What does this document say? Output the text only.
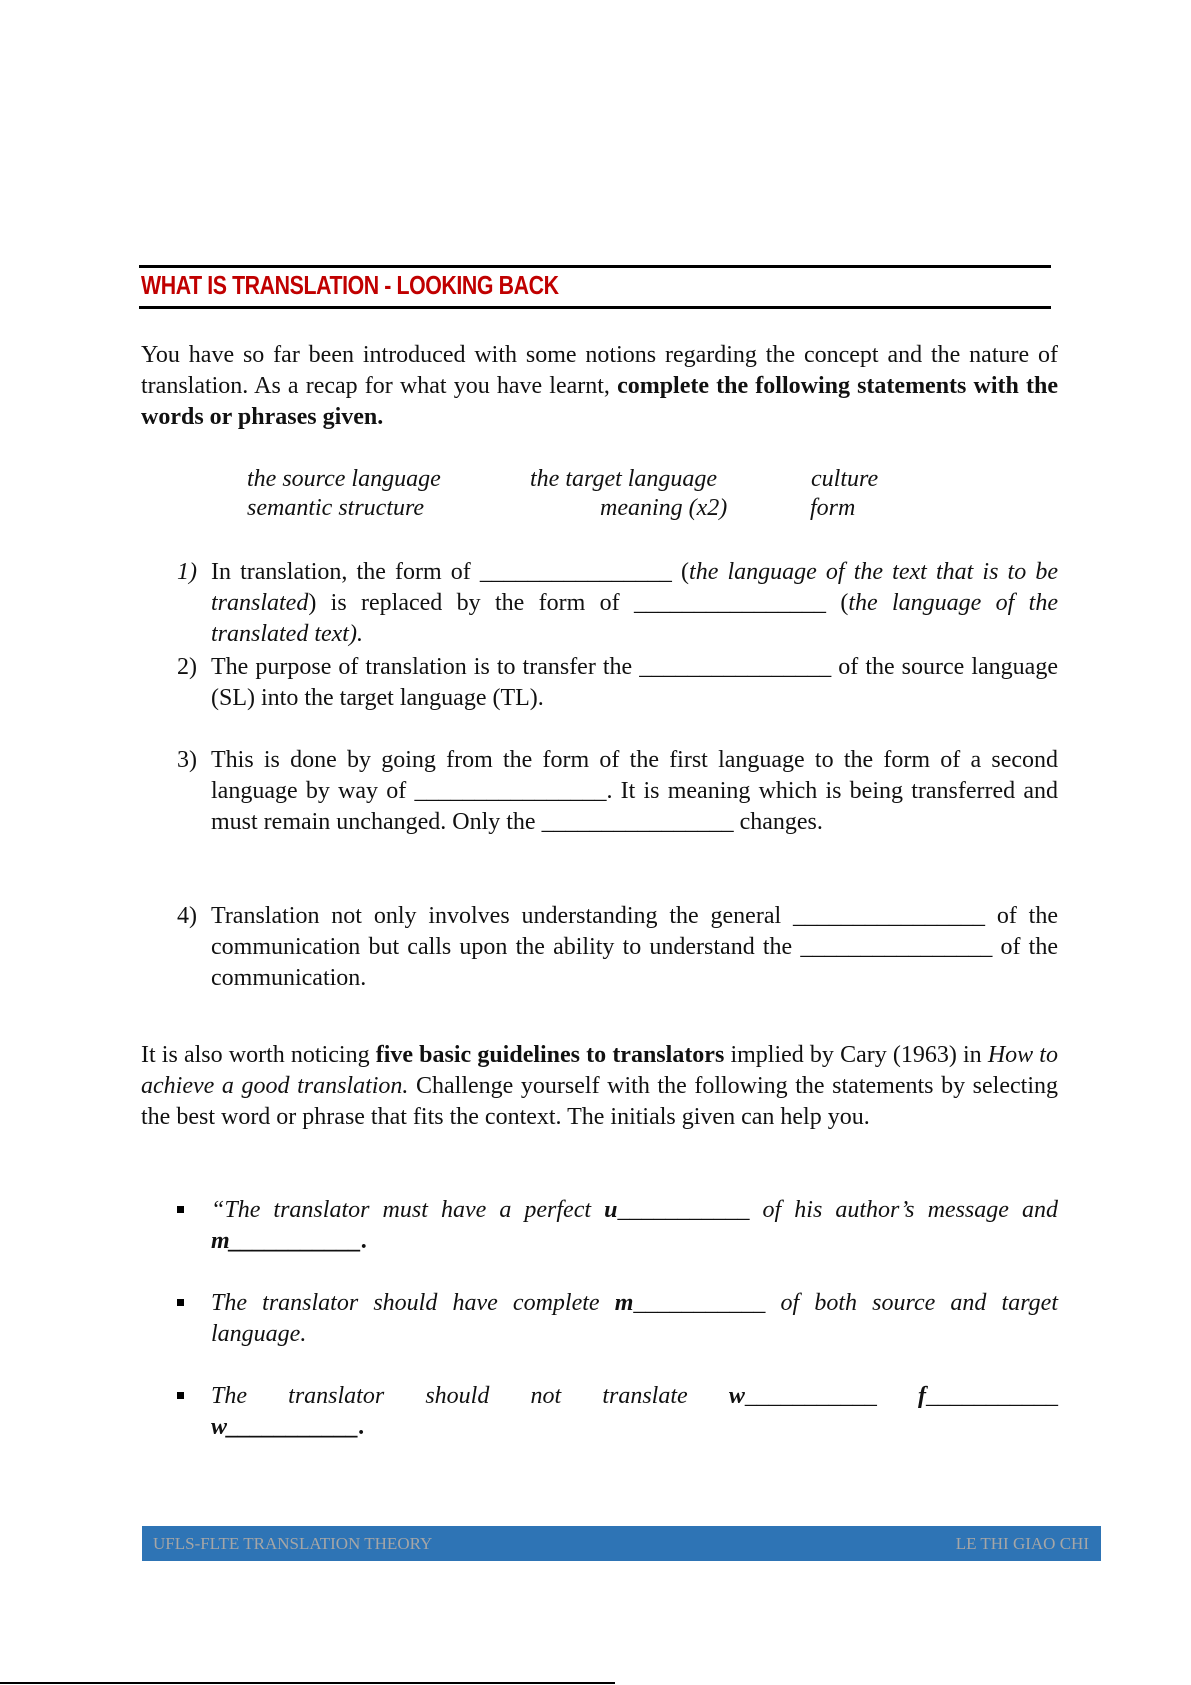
WHAT IS TRANSLATION - LOOKING BACK
You have so far been introduced with some notions regarding the concept and the nature of translation. As a recap for what you have learnt, complete the following statements with the words or phrases given.
the source language	the target language	culture
semantic structure	meaning (x2)	form
1) In translation, the form of ________________ (the language of the text that is to be translated) is replaced by the form of ________________ (the language of the translated text).
2) The purpose of translation is to transfer the ________________ of the source language (SL) into the target language (TL).
3) This is done by going from the form of the first language to the form of a second language by way of ________________. It is meaning which is being transferred and must remain unchanged. Only the ________________ changes.
4) Translation not only involves understanding the general ________________ of the communication but calls upon the ability to understand the ________________ of the communication.
It is also worth noticing five basic guidelines to translators implied by Cary (1963) in How to achieve a good translation. Challenge yourself with the following the statements by selecting the best word or phrase that fits the context. The initials given can help you.
“The translator must have a perfect u___________ of his author’s message and m___________.
The translator should have complete m___________ of both source and target language.
The translator should not translate w___________ f___________
w___________.
UFLS-FLTE TRANSLATION THEORY	LE THI GIAO CHI
